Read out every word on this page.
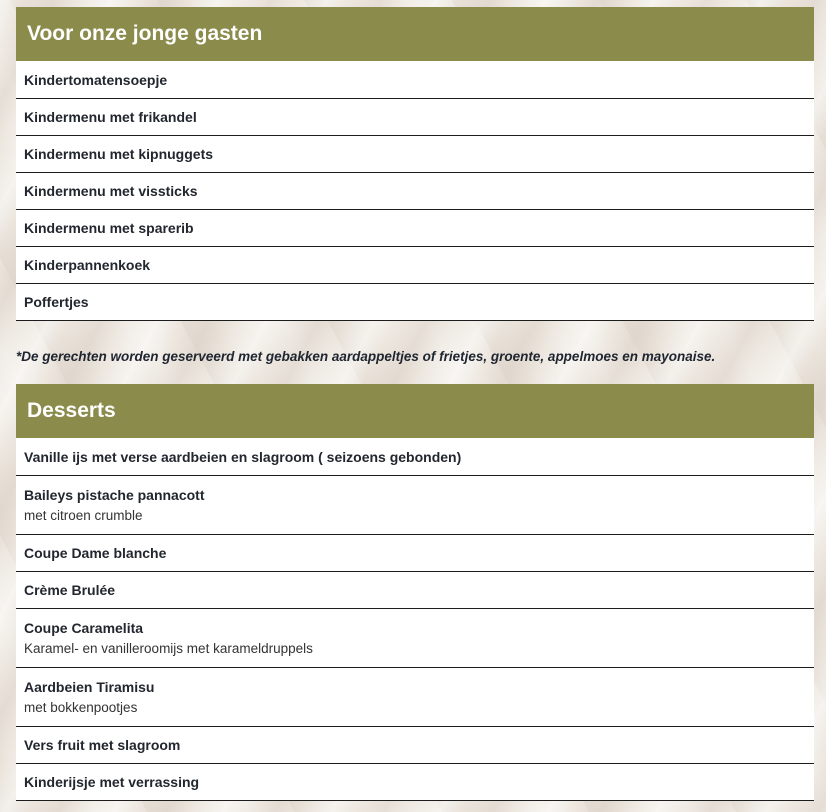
Voor onze jonge gasten
Kindertomatensoepje
Kindermenu met frikandel
Kindermenu met kipnuggets
Kindermenu met vissticks
Kindermenu met sparerib
Kinderpannenkoek
Poffertjes
*De gerechten worden geserveerd met gebakken aardappeltjes of frietjes, groente, appelmoes en mayonaise.
Desserts
Vanille ijs met verse aardbeien en slagroom ( seizoens gebonden)
Baileys pistache pannacott
met citroen crumble
Coupe Dame blanche
Crème Brulée
Coupe Caramelita
Karamel- en vanilleroomijs met karameldruppels
Aardbeien Tiramisu
met bokkenpootjes
Vers fruit met slagroom
Kinderijsje met verrassing
